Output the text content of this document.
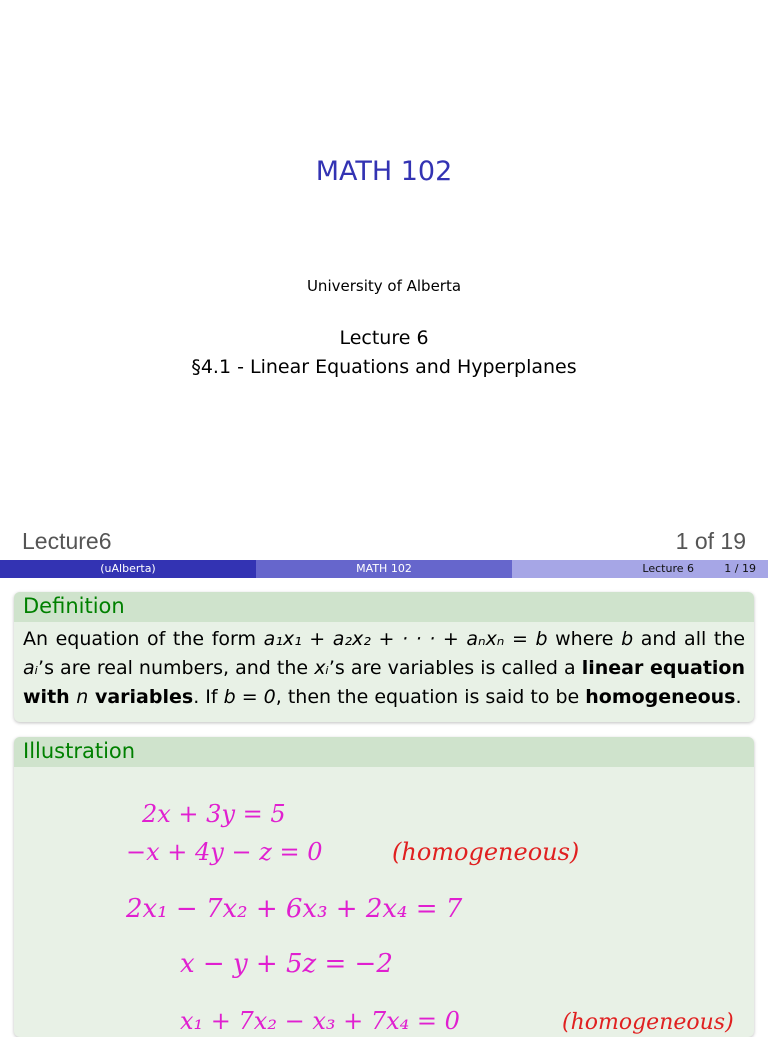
MATH 102
University of Alberta
Lecture 6
§4.1 - Linear Equations and Hyperplanes
Lecture6	1 of 19
(uAlberta)	MATH 102	Lecture 6	1 / 19
Definition
An equation of the form a₁x₁ + a₂x₂ + · · · + aₙxₙ = b where b and all the aᵢ’s are real numbers, and the xᵢ’s are variables is called a linear equation with n variables. If b = 0, then the equation is said to be homogeneous.
Illustration
2x + 3y = 5
−x + 4y − z = 0	(homogeneous)
2x₁ − 7x₂ + 6x₃ + 2x₄ = 7
x − y + 5z = −2
x₁ + 7x₂ − x₃ + 7x₄ = 0	(homogeneous)
